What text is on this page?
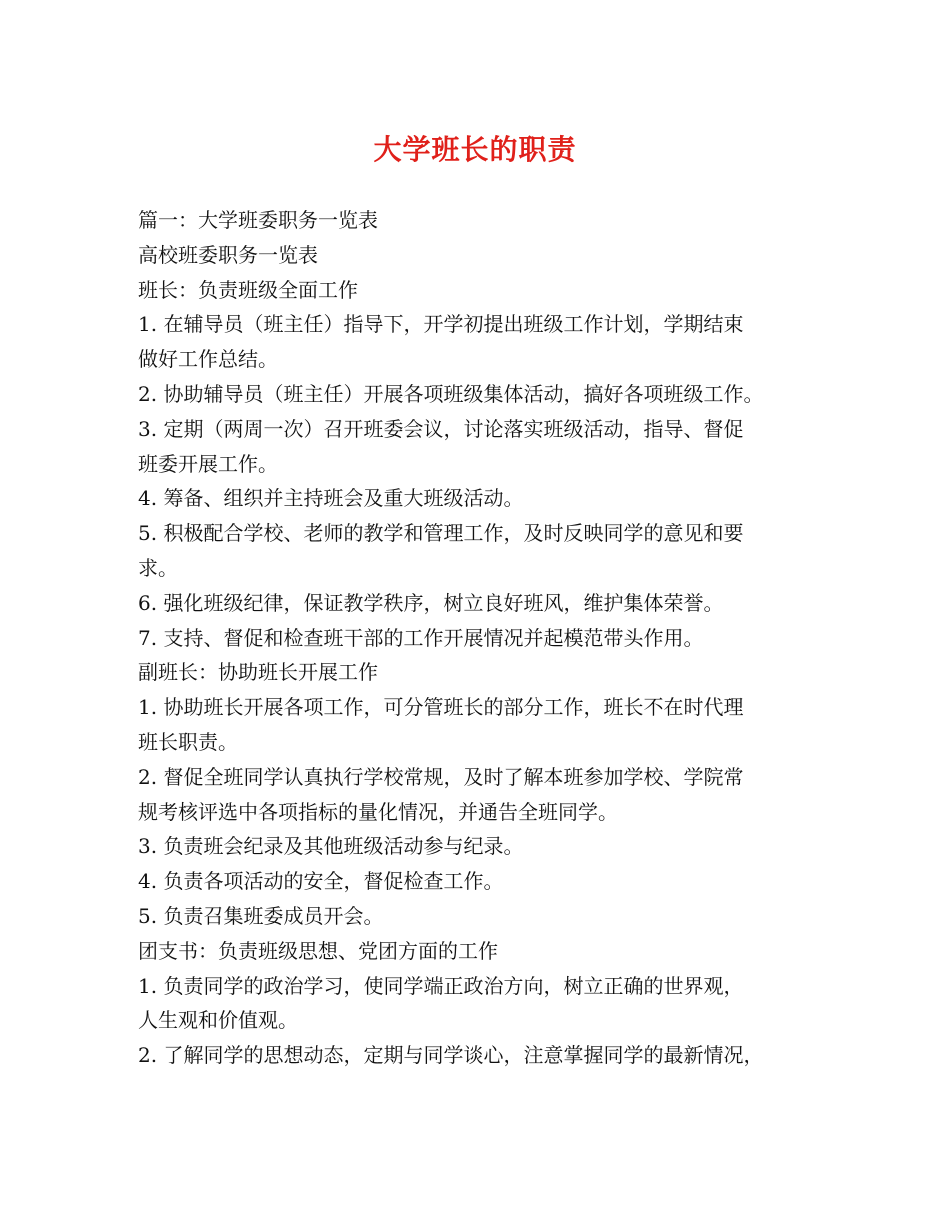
大学班长的职责
篇一：大学班委职务一览表
高校班委职务一览表
班长：负责班级全面工作
1. 在辅导员（班主任）指导下，开学初提出班级工作计划，学期结束
做好工作总结。
2. 协助辅导员（班主任）开展各项班级集体活动，搞好各项班级工作。
3. 定期（两周一次）召开班委会议，讨论落实班级活动，指导、督促
班委开展工作。
4. 筹备、组织并主持班会及重大班级活动。
5. 积极配合学校、老师的教学和管理工作，及时反映同学的意见和要
求。
6. 强化班级纪律，保证教学秩序，树立良好班风，维护集体荣誉。
7. 支持、督促和检查班干部的工作开展情况并起模范带头作用。
副班长：协助班长开展工作
1. 协助班长开展各项工作，可分管班长的部分工作，班长不在时代理
班长职责。
2. 督促全班同学认真执行学校常规，及时了解本班参加学校、学院常
规考核评选中各项指标的量化情况，并通告全班同学。
3. 负责班会纪录及其他班级活动参与纪录。
4. 负责各项活动的安全，督促检查工作。
5. 负责召集班委成员开会。
团支书：负责班级思想、党团方面的工作
1. 负责同学的政治学习，使同学端正政治方向，树立正确的世界观，
人生观和价值观。
2. 了解同学的思想动态，定期与同学谈心，注意掌握同学的最新情况，
